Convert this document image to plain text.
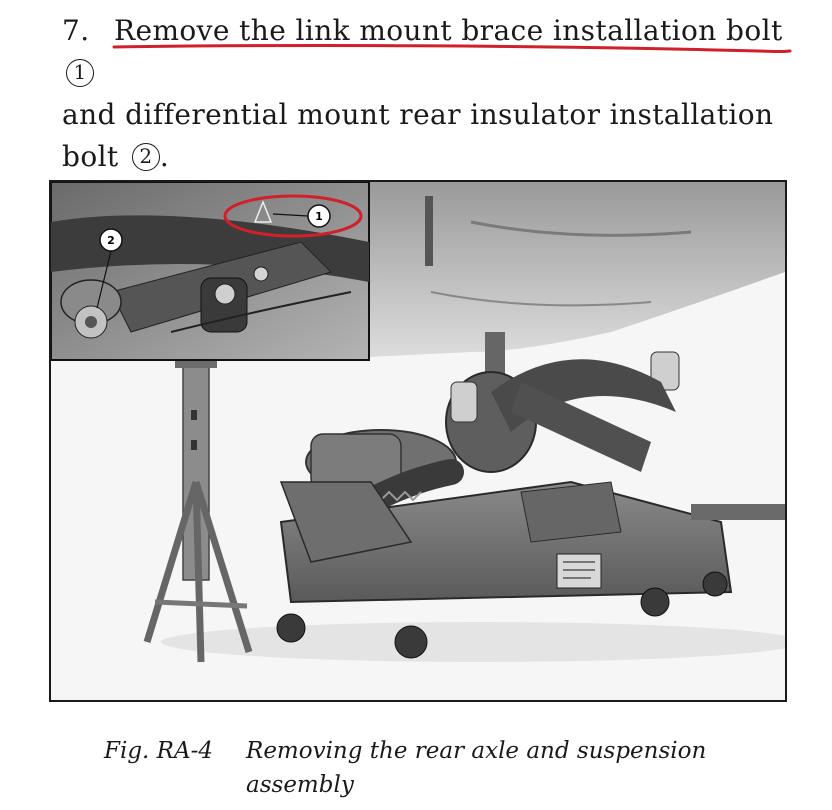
7. Remove the link mount brace installation bolt 1
and differential mount rear insulator installation bolt 2 .
2
1
Fig. RA-4 Removing the rear axle and suspension
assembly
